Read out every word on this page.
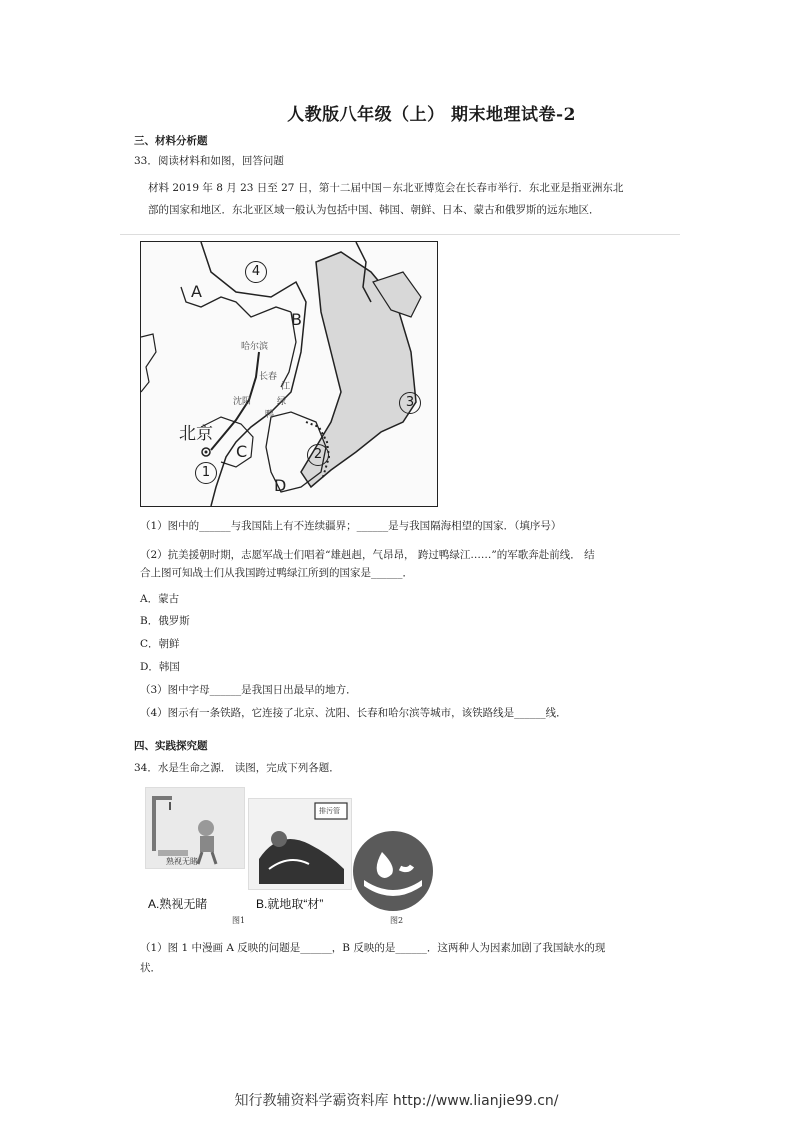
人教版八年级（上） 期末地理试卷-2
三、材料分析题
33．阅读材料和如图，回答问题
材料 2019 年 8 月 23 日至 27 日，第十二届中国－东北亚博览会在长春市举行．东北亚是指亚洲东北
部的国家和地区．东北亚区域一般认为包括中国、韩国、朝鲜、日本、蒙古和俄罗斯的远东地区．
A
B
C
D
4
1
2
3
北京
哈尔滨
长春
沈阳
江
绿
鸭
（1）图中的______与我国陆上有不连续疆界；______是与我国隔海相望的国家．（填序号）
（2）抗美援朝时期，志愿军战士们唱着“雄赳赳，气昂昂， 跨过鸭绿江……”的军歌奔赴前线． 结
合上图可知战士们从我国跨过鸭绿江所到的国家是______．
A．蒙古
B．俄罗斯
C．朝鲜
D．韩国
（3）图中字母______是我国日出最早的地方．
（4）图示有一条铁路，它连接了北京、沈阳、长春和哈尔滨等城市，该铁路线是______线．
四、实践探究题
34．水是生命之源． 读图，完成下列各题．
熟视无睹
A.熟视无睹
排污管
B.就地取“材”
图1	图2
（1）图 1 中漫画 A 反映的问题是______，B 反映的是______．这两种人为因素加剧了我国缺水的现
状．
知行教辅资料学霸资料库 http://www.lianjie99.cn/
